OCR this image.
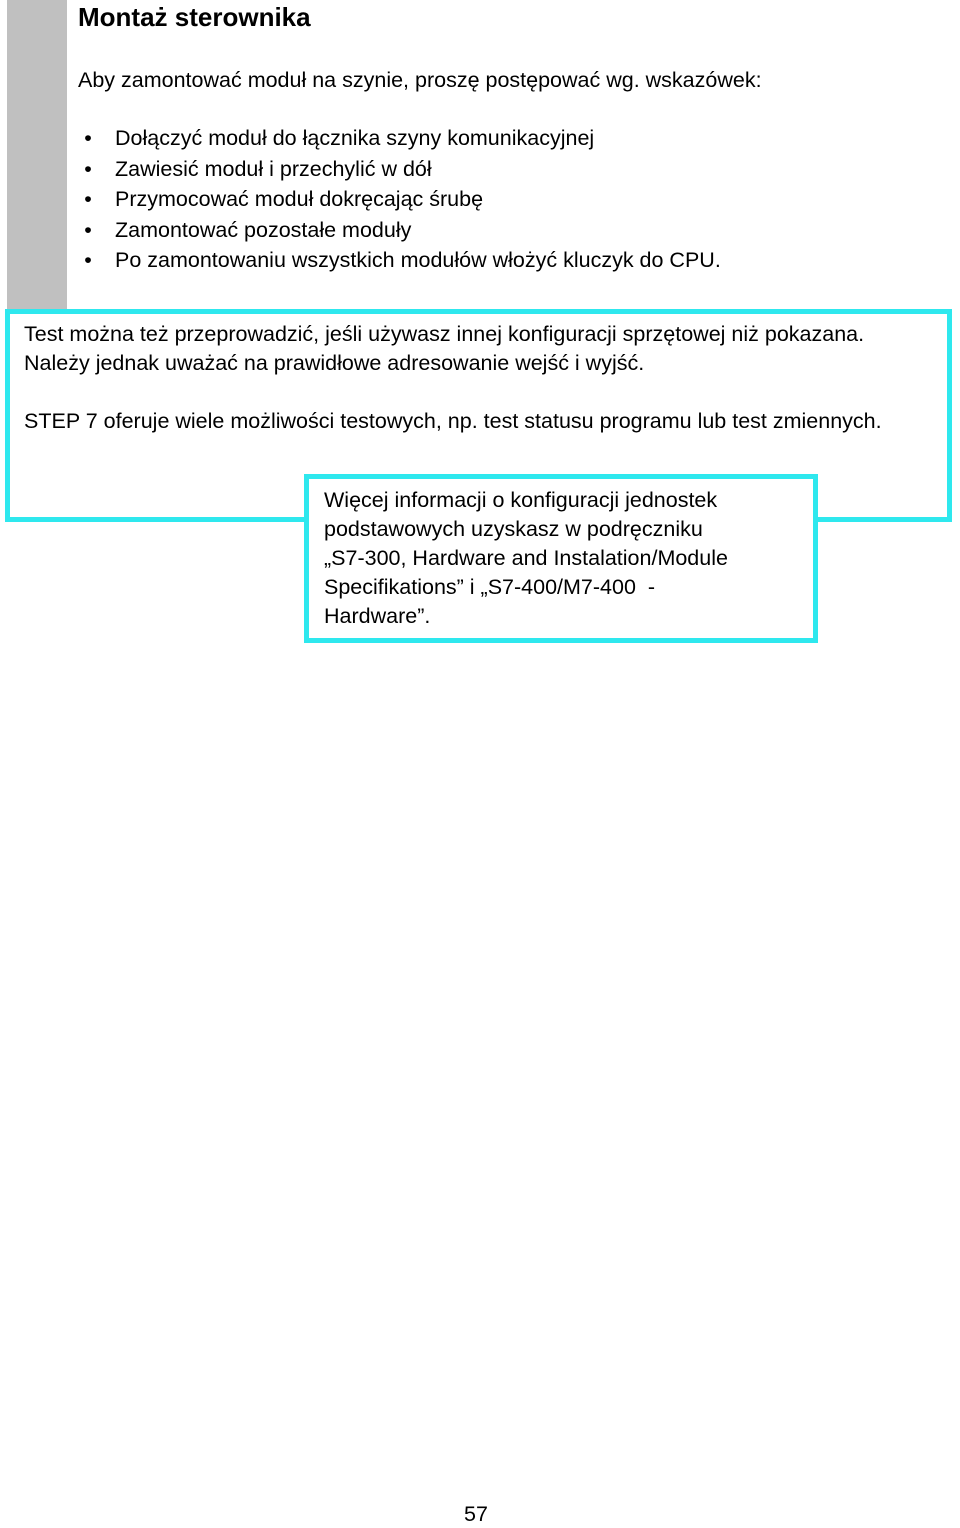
Montaż sterownika

Aby zamontować moduł na szynie, proszę postępować wg. wskazówek:

• Dołączyć moduł do łącznika szyny komunikacyjnej
• Zawiesić moduł i przechylić w dół
• Przymocować moduł dokręcając śrubę
• Zamontować pozostałe moduły
• Po zamontowaniu wszystkich modułów włożyć kluczyk do CPU.

Test można też przeprowadzić, jeśli używasz innej konfiguracji sprzętowej niż pokazana. Należy jednak uważać na prawidłowe adresowanie wejść i wyjść.

STEP 7 oferuje wiele możliwości testowych, np. test statusu programu lub test zmiennych.

Więcej informacji o konfiguracji jednostek
podstawowych uzyskasz w podręczniku
„S7-300, Hardware and Instalation/Module
Specifikations” i „S7-400/M7-400  -
Hardware”.

57
